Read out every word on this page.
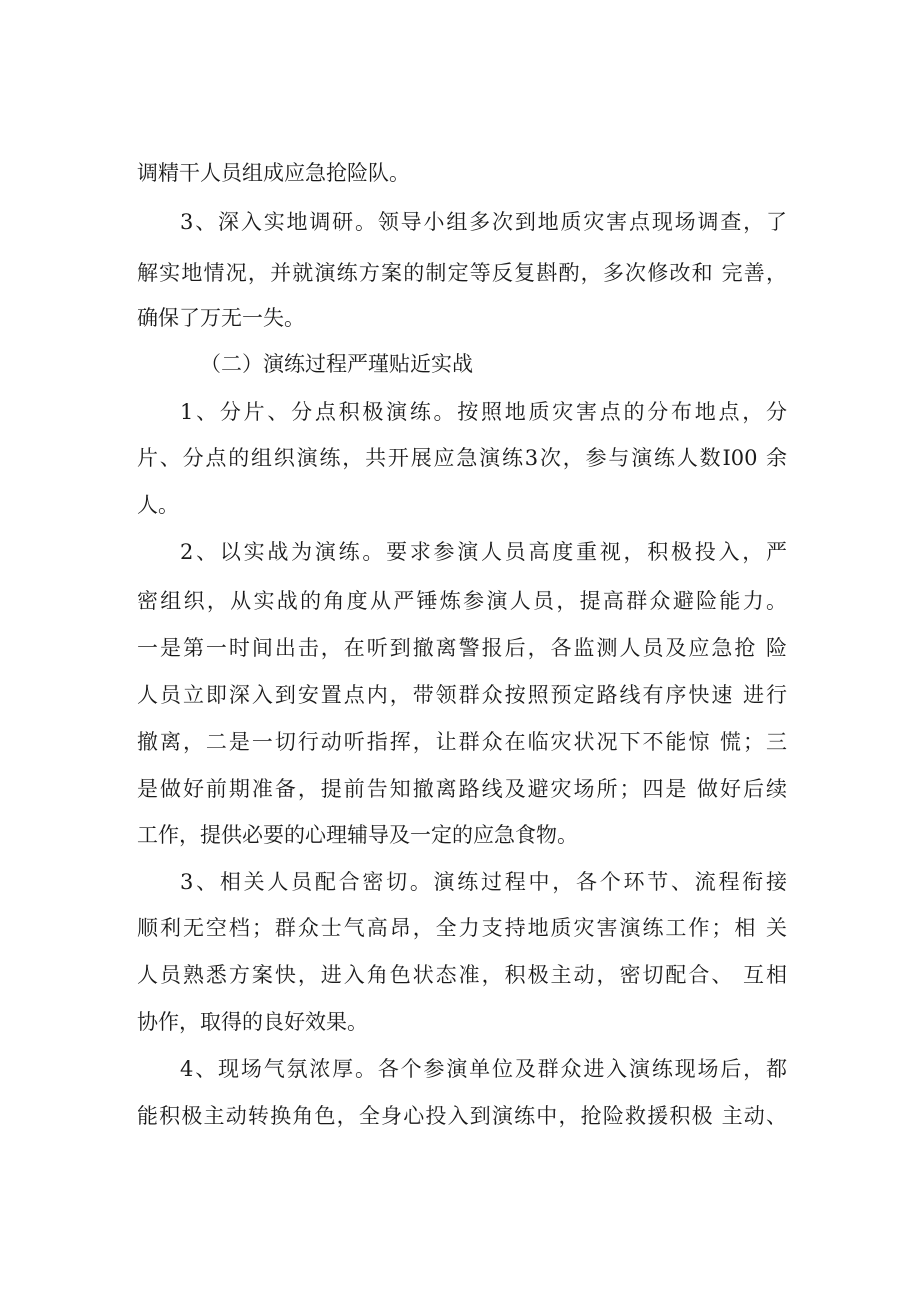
调精干人员组成应急抢险队。
3、深入实地调研。领导小组多次到地质灾害点现场调查，了
解实地情况，并就演练方案的制定等反复斟酌，多次修改和 完善，
确保了万无一失。
（二）演练过程严瑾贴近实战
1、分片、分点积极演练。按照地质灾害点的分布地点，分
片、分点的组织演练，共开展应急演练3次，参与演练人数I00 余
人。
2、以实战为演练。要求参演人员高度重视，积极投入，严
密组织，从实战的角度从严锤炼参演人员，提高群众避险能力。
一是第一时间出击，在听到撤离警报后，各监测人员及应急抢 险
人员立即深入到安置点内，带领群众按照预定路线有序快速 进行
撤离，二是一切行动听指挥，让群众在临灾状况下不能惊 慌；三
是做好前期准备，提前告知撤离路线及避灾场所；四是 做好后续
工作，提供必要的心理辅导及一定的应急食物。
3、相关人员配合密切。演练过程中，各个环节、流程衔接
顺利无空档；群众士气高昂，全力支持地质灾害演练工作；相 关
人员熟悉方案快，进入角色状态准，积极主动，密切配合、 互相
协作，取得的良好效果。
4、现场气氛浓厚。各个参演单位及群众进入演练现场后，都
能积极主动转换角色，全身心投入到演练中，抢险救援积极 主动、
